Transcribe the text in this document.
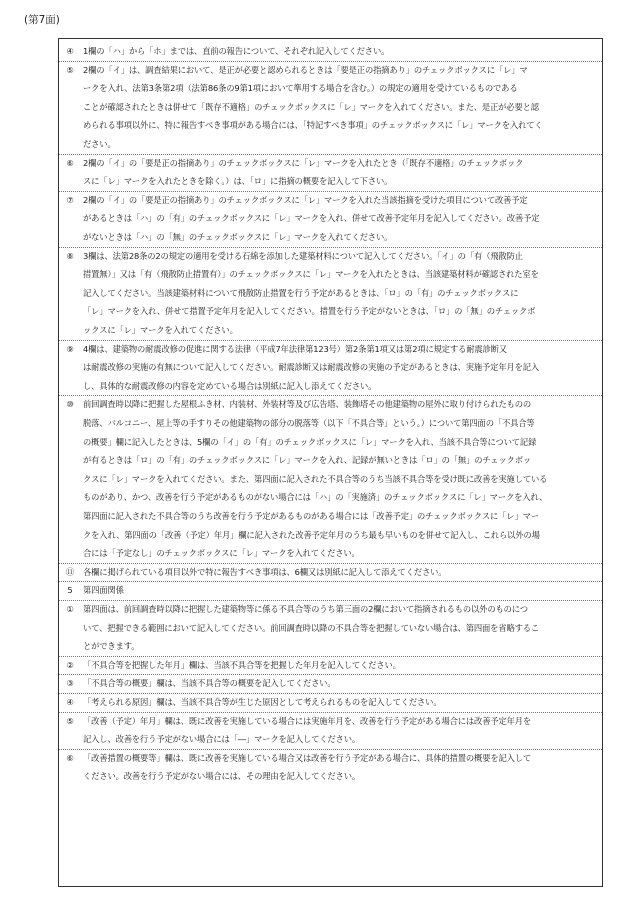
(第7面)
④	1欄の「ハ」から「ホ」までは、直前の報告について、それぞれ記入してください。
⑤	2欄の「イ」は、調査結果において、是正が必要と認められるときは「要是正の指摘あり」のチェックボックスに「レ」マ
ークを入れ、法第3条第2項（法第86条の9第1項において準用する場合を含む。）の規定の適用を受けているものである
ことが確認されたときは併せて「既存不適格」のチェックボックスに「レ」マークを入れてください。また、是正が必要と認
められる事項以外に、特に報告すべき事項がある場合には、「特記すべき事項」のチェックボックスに「レ」マークを入れてく
ださい。
⑥	2欄の「イ」の「要是正の指摘あり」のチェックボックスに「レ」マークを入れたとき（「既存不適格」のチェックボック
スに「レ」マークを入れたときを除く。）は、「ロ」に指摘の概要を記入して下さい。
⑦	2欄の「イ」の「要是正の指摘あり」のチェックボックスに「レ」マークを入れた当該指摘を受けた項目について改善予定
があるときは「ハ」の「有」のチェックボックスに「レ」マークを入れ、併せて改善予定年月を記入してください。改善予定
がないときは「ハ」の「無」のチェックボックスに「レ」マークを入れてください。
⑧	3欄は、法第28条の2の規定の適用を受ける石綿を添加した建築材料について記入してください。「イ」の「有（飛散防止
措置無）」又は「有（飛散防止措置有）」のチェックボックスに「レ」マークを入れたときは、当該建築材料が確認された室を
記入してください。当該建築材料について飛散防止措置を行う予定があるときは、「ロ」の「有」のチェックボックスに
「レ」マークを入れ、併せて措置予定年月を記入してください。措置を行う予定がないときは、「ロ」の「無」のチェックボ
ックスに「レ」マークを入れてください。
⑨	4欄は、建築物の耐震改修の促進に関する法律（平成7年法律第123号）第2条第1項又は第2項に規定する耐震診断又
は耐震改修の実施の有無について記入してください。耐震診断又は耐震改修の実施の予定があるときは、実施予定年月を記入
し、具体的な耐震改修の内容を定めている場合は別紙に記入し添えてください。
⑩	前回調査時以降に把握した屋根ふき材、内装材、外装材等及び広告塔、装飾塔その他建築物の屋外に取り付けられたものの
脱落、バルコニー、屋上等の手すりその他建築物の部分の脱落等（以下「不具合等」という。）について第四面の「不具合等
の概要」欄に記入したときは、5欄の「イ」の「有」のチェックボックスに「レ」マークを入れ、当該不具合等について記録
が有るときは「ロ」の「有」のチェックボックスに「レ」マークを入れ、記録が無いときは「ロ」の「無」のチェックボッ
クスに「レ」マークを入れてください。また、第四面に記入された不具合等のうち当該不具合等を受け既に改善を実施している
ものがあり、かつ、改善を行う予定があるものがない場合には「ハ」の「実施済」のチェックボックスに「レ」マークを入れ、
第四面に記入された不具合等のうち改善を行う予定があるものがある場合には「改善予定」のチェックボックスに「レ」マー
クを入れ、第四面の「改善（予定）年月」欄に記入された改善予定年月のうち最も早いものを併せて記入し、これら以外の場
合には「予定なし」のチェックボックスに「レ」マークを入れてください。
⑪	各欄に掲げられている項目以外で特に報告すべき事項は、6欄又は別紙に記入して添えてください。
5	第四面関係
①	第四面は、前回調査時以降に把握した建築物等に係る不具合等のうち第三面の2欄において指摘されるもの以外のものにつ
いて、把握できる範囲において記入してください。前回調査時以降の不具合等を把握していない場合は、第四面を省略するこ
とができます。
②	「不具合等を把握した年月」欄は、当該不具合等を把握した年月を記入してください。
③	「不具合等の概要」欄は、当該不具合等の概要を記入してください。
④	「考えられる原因」欄は、当該不具合等が生じた原因として考えられるものを記入してください。
⑤	「改善（予定）年月」欄は、既に改善を実施している場合には実施年月を、改善を行う予定がある場合には改善予定年月を
記入し、改善を行う予定がない場合には「―」マークを記入してください。
⑥	「改善措置の概要等」欄は、既に改善を実施している場合又は改善を行う予定がある場合に、具体的措置の概要を記入して
ください。改善を行う予定がない場合には、その理由を記入してください。
